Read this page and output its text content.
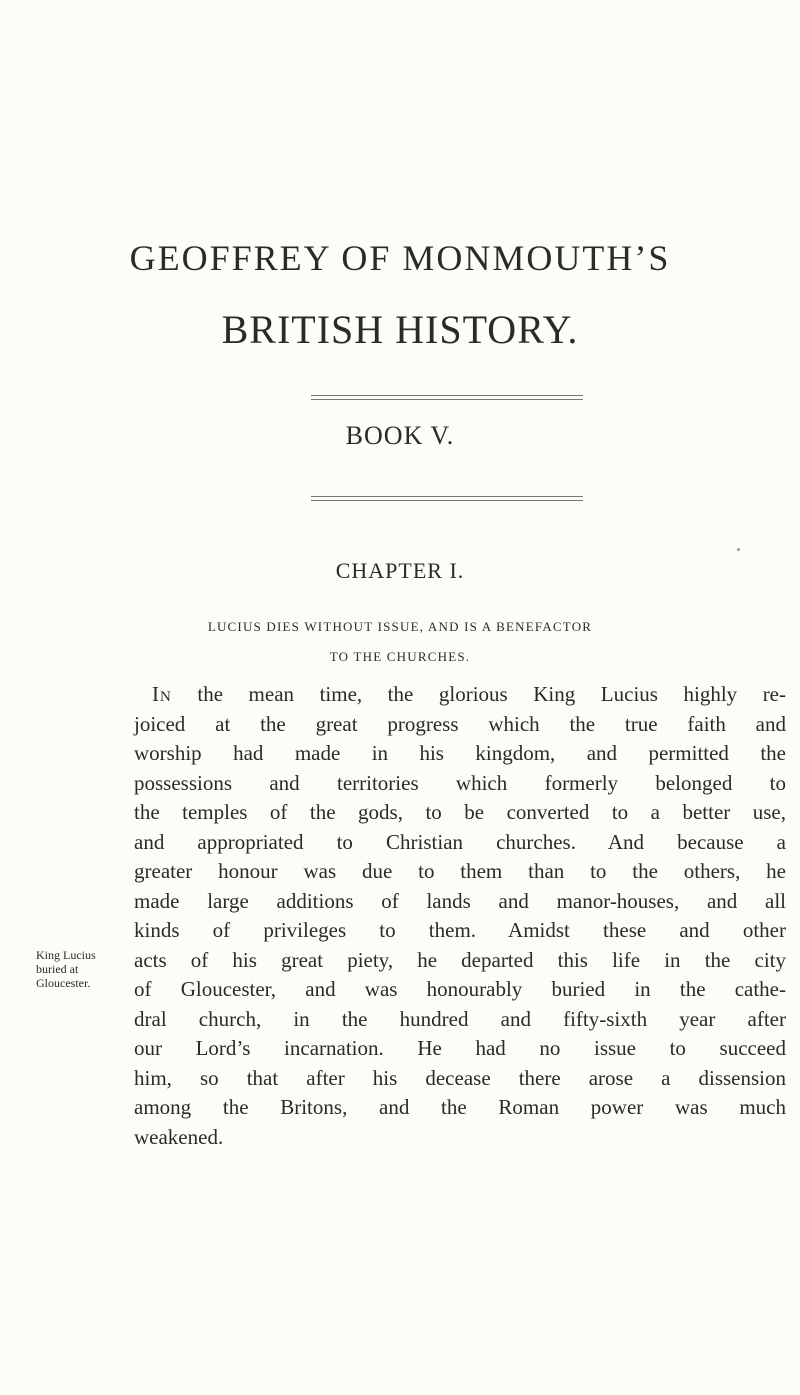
GEOFFREY OF MONMOUTH’S
BRITISH HISTORY.
BOOK V.
CHAPTER I.
LUCIUS DIES WITHOUT ISSUE, AND IS A BENEFACTOR
TO THE CHURCHES.
In the mean time, the glorious King Lucius highly re-
joiced at the great progress which the true faith and
worship had made in his kingdom, and permitted the
possessions and territories which formerly belonged to
the temples of the gods, to be converted to a better use,
and appropriated to Christian churches. And because a
greater honour was due to them than to the others, he
made large additions of lands and manor-houses, and all
kinds of privileges to them. Amidst these and other
acts of his great piety, he departed this life in the city
of Gloucester, and was honourably buried in the cathe-
dral church, in the hundred and fifty-sixth year after
our Lord’s incarnation. He had no issue to succeed
him, so that after his decease there arose a dissension
among the Britons, and the Roman power was much
weakened.
King Lucius
buried at
Gloucester.
